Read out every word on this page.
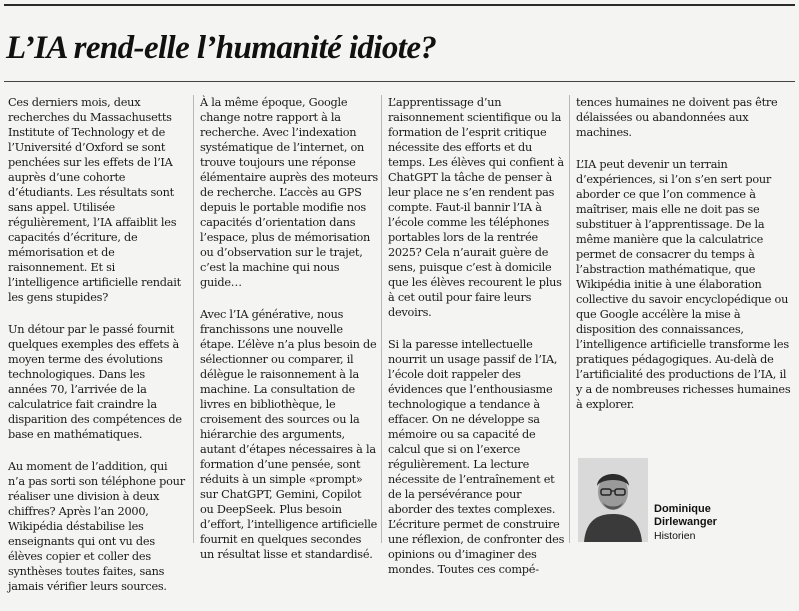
L’IA rend-elle l’humanité idiote?

Ces derniers mois, deux recherches du Massachusetts Institute of Technology et de l’Université d’Oxford se sont penchées sur les effets de l’IA auprès d’une cohorte d’étudiants. Les résultats sont sans appel. Utilisée régulièrement, l’IA affaiblit les capacités d’écriture, de mémorisation et de raisonnement. Et si l’intelligence artificielle rendait les gens stupides?

Un détour par le passé fournit quelques exemples des effets à moyen terme des évolutions technologiques. Dans les années 70, l’arrivée de la calculatrice fait craindre la disparition des compétences de base en mathématiques.

Au moment de l’addition, qui n’a pas sorti son téléphone pour réaliser une division à deux chiffres? Après l’an 2000, Wikipédia déstabilise les enseignants qui ont vu des élèves copier et coller des synthèses toutes faites, sans jamais vérifier leurs sources.

À la même époque, Google change notre rapport à la recherche. Avec l’indexation systématique de l’internet, on trouve toujours une réponse élémentaire auprès des moteurs de recherche. L’accès au GPS depuis le portable modifie nos capacités d’orientation dans l’espace, plus de mémorisation ou d’observation sur le trajet, c’est la machine qui nous guide…

Avec l’IA générative, nous franchissons une nouvelle étape. L’élève n’a plus besoin de sélectionner ou comparer, il délègue le raisonnement à la machine. La consultation de livres en bibliothèque, le croisement des sources ou la hiérarchie des arguments, autant d’étapes nécessaires à la formation d’une pensée, sont réduits à un simple «prompt» sur ChatGPT, Gemini, Copilot ou DeepSeek. Plus besoin d’effort, l’intelligence artificielle fournit en quelques secondes un résultat lisse et standardisé.

L’apprentissage d’un raisonnement scientifique ou la formation de l’esprit critique nécessite des efforts et du temps. Les élèves qui confient à ChatGPT la tâche de penser à leur place ne s’en rendent pas compte. Faut-il bannir l’IA à l’école comme les téléphones portables lors de la rentrée 2025? Cela n’aurait guère de sens, puisque c’est à domicile que les élèves recourent le plus à cet outil pour faire leurs devoirs.

Si la paresse intellectuelle nourrit un usage passif de l’IA, l’école doit rappeler des évidences que l’enthousiasme technologique a tendance à effacer. On ne développe sa mémoire ou sa capacité de calcul que si on l’exerce régulièrement. La lecture nécessite de l’entraînement et de la persévérance pour aborder des textes complexes. L’écriture permet de construire une réflexion, de confronter des opinions ou d’imaginer des mondes. Toutes ces compé-

tences humaines ne doivent pas être délaissées ou abandonnées aux machines.

L’IA peut devenir un terrain d’expériences, si l’on s’en sert pour aborder ce que l’on commence à maîtriser, mais elle ne doit pas se substituer à l’apprentissage. De la même manière que la calculatrice permet de consacrer du temps à l’abstraction mathématique, que Wikipédia initie à une élaboration collective du savoir encyclopédique ou que Google accélère la mise à disposition des connaissances, l’intelligence artificielle transforme les pratiques pédagogiques. Au-delà de l’artificialité des productions de l’IA, il y a de nombreuses richesses humaines à explorer.

Dominique
Dirlewanger
Historien
